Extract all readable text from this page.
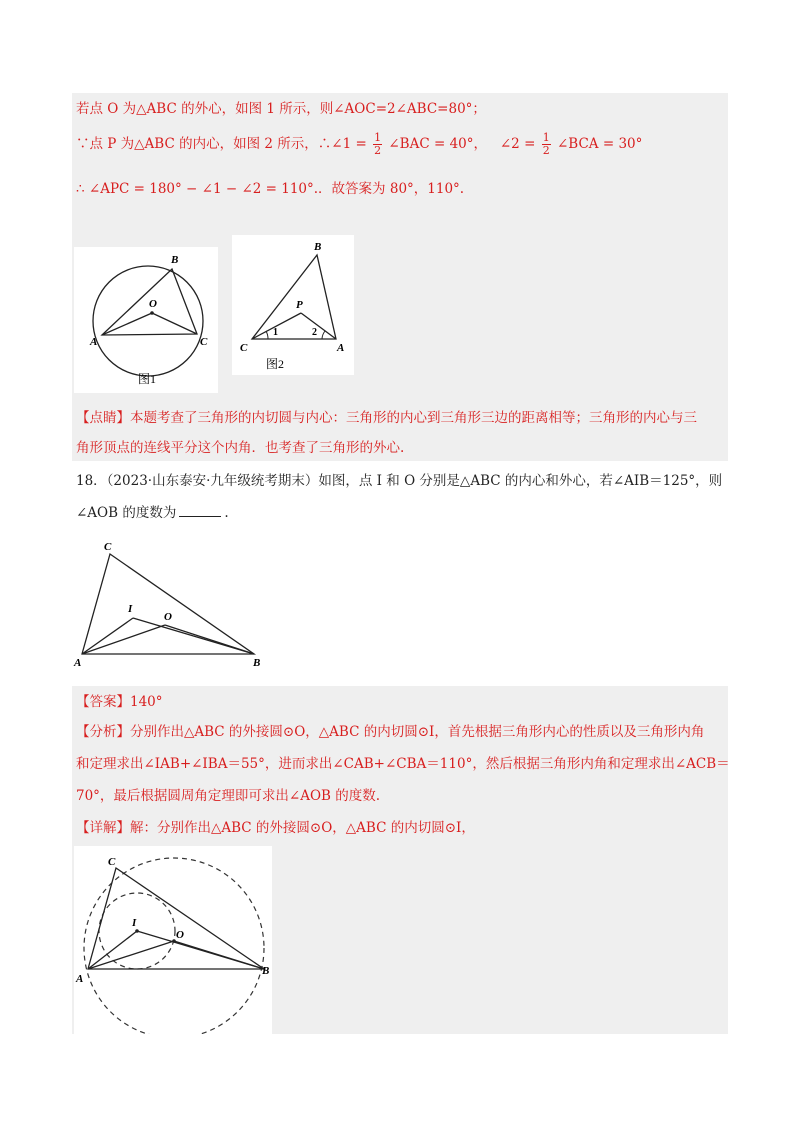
若点 O 为△ABC 的外心，如图 1 所示，则∠AOC=2∠ABC=80°；
∵点 P 为△ABC 的内心，如图 2 所示，∴∠1 = $\frac{1}{2}$ ∠BAC = 40°， ∠2 = $\frac{1}{2}$ ∠BCA = 30°
∴ ∠APC = 180° − ∠1 − ∠2 = 110°.．故答案为 80°，110°.
B
O
A	C
图1
B
P
1	2
C	A
图2
【点睛】本题考查了三角形的内切圆与内心：三角形的内心到三角形三边的距离相等；三角形的内心与三
角形顶点的连线平分这个内角．也考查了三角形的外心.
18．（2023·山东泰安·九年级统考期末）如图，点 I 和 O 分别是△ABC 的内心和外心，若∠AIB＝125°，则
∠AOB 的度数为	.
C
I
O
A	B
【答案】140°
【分析】分别作出△ABC 的外接圆⊙O，△ABC 的内切圆⊙I，首先根据三角形内心的性质以及三角形内角
和定理求出∠IAB+∠IBA＝55°，进而求出∠CAB+∠CBA＝110°，然后根据三角形内角和定理求出∠ACB＝
70°，最后根据圆周角定理即可求出∠AOB 的度数.
【详解】解：分别作出△ABC 的外接圆⊙O，△ABC 的内切圆⊙I，
C
I
O
A
B
